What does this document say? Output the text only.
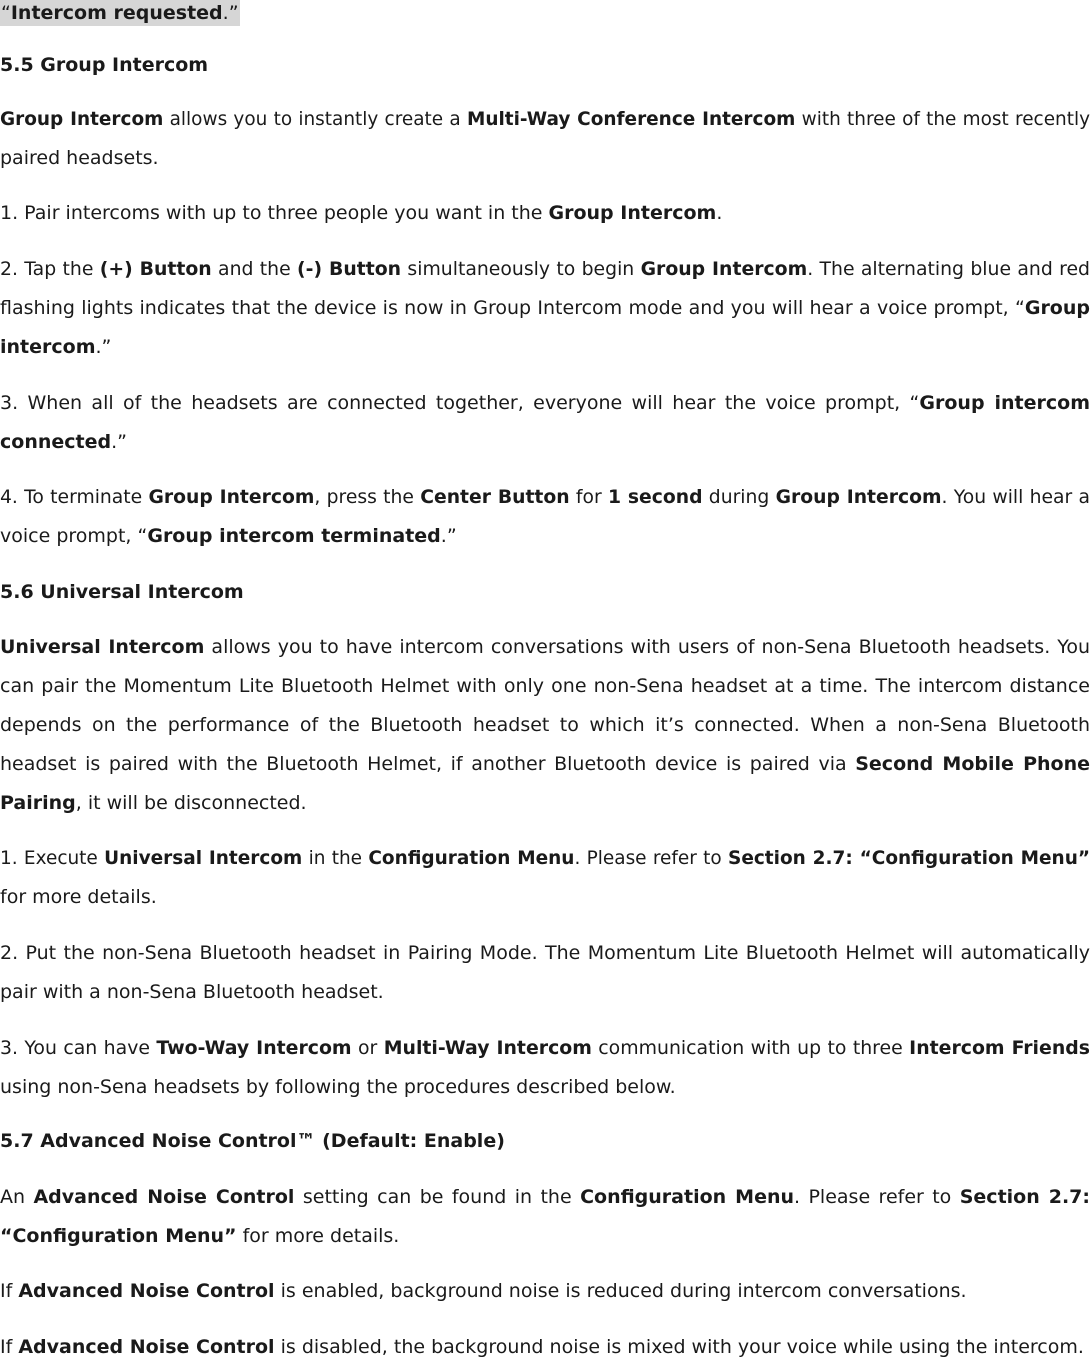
“Intercom requested.”
5.5 Group Intercom
Group Intercom allows you to instantly create a Multi-Way Conference Intercom with three of the most recently
paired headsets.
1. Pair intercoms with up to three people you want in the Group Intercom.
2. Tap the (+) Button and the (-) Button simultaneously to begin Group Intercom. The alternating blue and red
flashing lights indicates that the device is now in Group Intercom mode and you will hear a voice prompt, “Group
intercom.”
3. When all of the headsets are connected together, everyone will hear the voice prompt, “Group intercom
connected.”
4. To terminate Group Intercom, press the Center Button for 1 second during Group Intercom. You will hear a
voice prompt, “Group intercom terminated.”
5.6 Universal Intercom
Universal Intercom allows you to have intercom conversations with users of non-Sena Bluetooth headsets. You
can pair the Momentum Lite Bluetooth Helmet with only one non-Sena headset at a time. The intercom distance
depends on the performance of the Bluetooth headset to which it’s connected. When a non-Sena Bluetooth
headset is paired with the Bluetooth Helmet, if another Bluetooth device is paired via Second Mobile Phone
Pairing, it will be disconnected.
1. Execute Universal Intercom in the Configuration Menu. Please refer to Section 2.7: “Configuration Menu”
for more details.
2. Put the non-Sena Bluetooth headset in Pairing Mode. The Momentum Lite Bluetooth Helmet will automatically
pair with a non-Sena Bluetooth headset.
3. You can have Two-Way Intercom or Multi-Way Intercom communication with up to three Intercom Friends
using non-Sena headsets by following the procedures described below.
5.7 Advanced Noise Control™ (Default: Enable)
An Advanced Noise Control setting can be found in the Configuration Menu. Please refer to Section 2.7:
“Configuration Menu” for more details.
If Advanced Noise Control is enabled, background noise is reduced during intercom conversations.
If Advanced Noise Control is disabled, the background noise is mixed with your voice while using the intercom.
